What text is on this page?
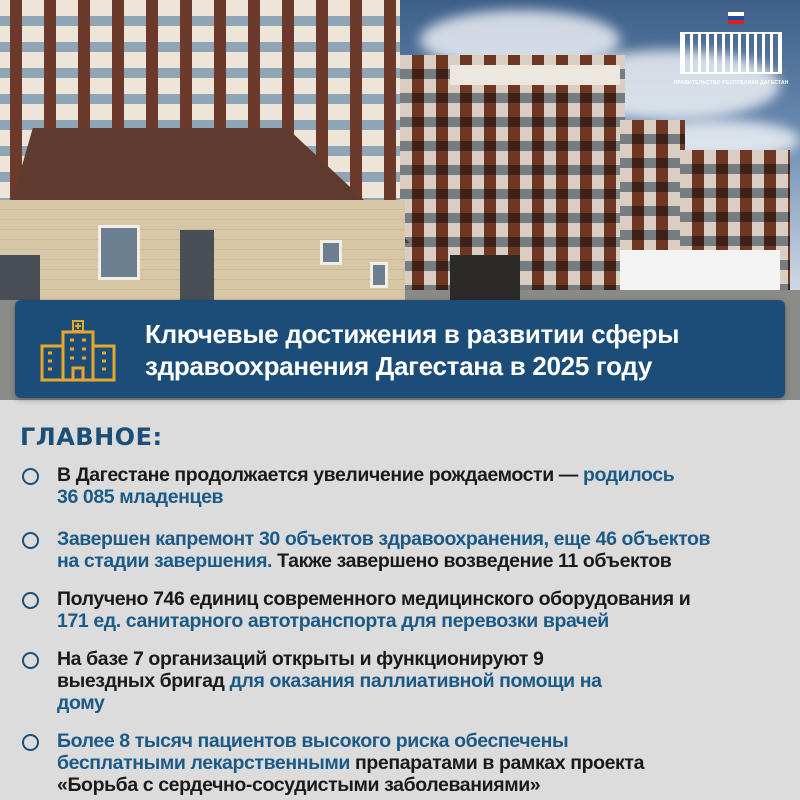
ПРАВИТЕЛЬСТВО РЕСПУБЛИКИ ДАГЕСТАН
Ключевые достижения в развитии сферы
здравоохранения Дагестана в 2025 году
ГЛАВНОЕ:
В Дагестане продолжается увеличение рождаемости — родилось
36 085 младенцев
Завершен капремонт 30 объектов здравоохранения, еще 46 объектов
на стадии завершения. Также завершено возведение 11 объектов
Получено 746 единиц современного медицинского оборудования и
171 ед. санитарного автотранспорта для перевозки врачей
На базе 7 организаций открыты и функционируют 9
выездных бригад для оказания паллиативной помощи на
дому
Более 8 тысяч пациентов высокого риска обеспечены
бесплатными лекарственными препаратами в рамках проекта
«Борьба с сердечно-сосудистыми заболеваниями»
